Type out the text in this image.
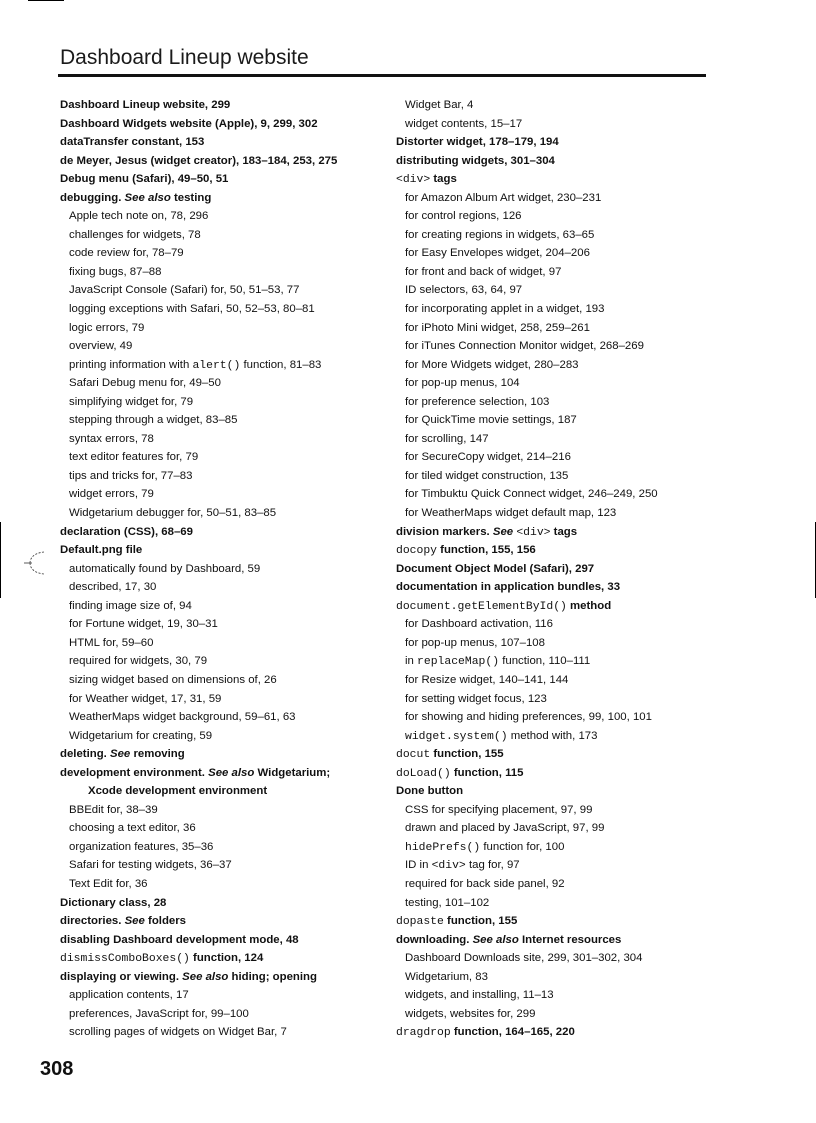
Dashboard Lineup website
Dashboard Lineup website, 299
Dashboard Widgets website (Apple), 9, 299, 302
dataTransfer constant, 153
de Meyer, Jesus (widget creator), 183–184, 253, 275
Debug menu (Safari), 49–50, 51
debugging. See also testing
Apple tech note on, 78, 296
challenges for widgets, 78
code review for, 78–79
fixing bugs, 87–88
JavaScript Console (Safari) for, 50, 51–53, 77
logging exceptions with Safari, 50, 52–53, 80–81
logic errors, 79
overview, 49
printing information with alert() function, 81–83
Safari Debug menu for, 49–50
simplifying widget for, 79
stepping through a widget, 83–85
syntax errors, 78
text editor features for, 79
tips and tricks for, 77–83
widget errors, 79
Widgetarium debugger for, 50–51, 83–85
declaration (CSS), 68–69
Default.png file
automatically found by Dashboard, 59
described, 17, 30
finding image size of, 94
for Fortune widget, 19, 30–31
HTML for, 59–60
required for widgets, 30, 79
sizing widget based on dimensions of, 26
for Weather widget, 17, 31, 59
WeatherMaps widget background, 59–61, 63
Widgetarium for creating, 59
deleting. See removing
development environment. See also Widgetarium;
Xcode development environment
BBEdit for, 38–39
choosing a text editor, 36
organization features, 35–36
Safari for testing widgets, 36–37
Text Edit for, 36
Dictionary class, 28
directories. See folders
disabling Dashboard development mode, 48
dismissComboBoxes() function, 124
displaying or viewing. See also hiding; opening
application contents, 17
preferences, JavaScript for, 99–100
scrolling pages of widgets on Widget Bar, 7
Widget Bar, 4
widget contents, 15–17
Distorter widget, 178–179, 194
distributing widgets, 301–304
<div> tags
for Amazon Album Art widget, 230–231
for control regions, 126
for creating regions in widgets, 63–65
for Easy Envelopes widget, 204–206
for front and back of widget, 97
ID selectors, 63, 64, 97
for incorporating applet in a widget, 193
for iPhoto Mini widget, 258, 259–261
for iTunes Connection Monitor widget, 268–269
for More Widgets widget, 280–283
for pop-up menus, 104
for preference selection, 103
for QuickTime movie settings, 187
for scrolling, 147
for SecureCopy widget, 214–216
for tiled widget construction, 135
for Timbuktu Quick Connect widget, 246–249, 250
for WeatherMaps widget default map, 123
division markers. See <div> tags
docopy function, 155, 156
Document Object Model (Safari), 297
documentation in application bundles, 33
document.getElementById() method
for Dashboard activation, 116
for pop-up menus, 107–108
in replaceMap() function, 110–111
for Resize widget, 140–141, 144
for setting widget focus, 123
for showing and hiding preferences, 99, 100, 101
widget.system() method with, 173
docut function, 155
doLoad() function, 115
Done button
CSS for specifying placement, 97, 99
drawn and placed by JavaScript, 97, 99
hidePrefs() function for, 100
ID in <div> tag for, 97
required for back side panel, 92
testing, 101–102
dopaste function, 155
downloading. See also Internet resources
Dashboard Downloads site, 299, 301–302, 304
Widgetarium, 83
widgets, and installing, 11–13
widgets, websites for, 299
dragdrop function, 164–165, 220
308
